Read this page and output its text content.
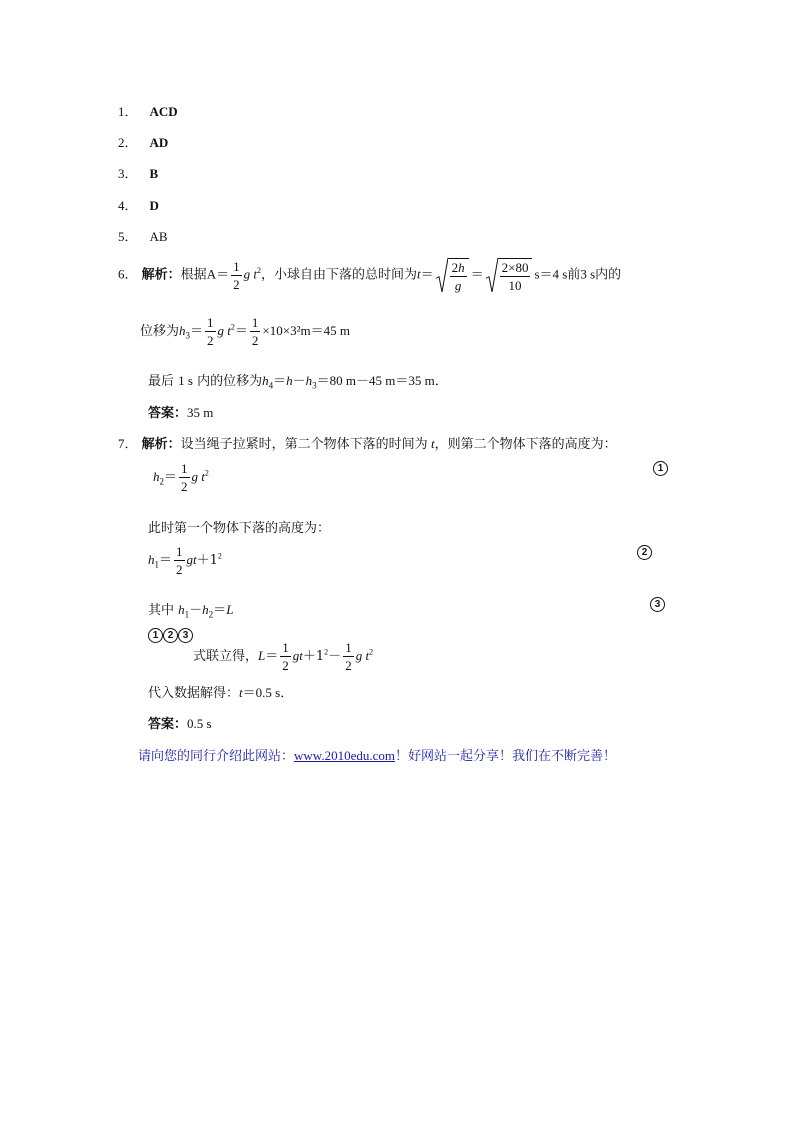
1． ACD
2． AD
3． B
4． D
5． AB
6． 解析：根据$A= \frac{1}{2}$ g $t^2$，小球自由下落的总时间为$t= \frac{2h}{g} = \frac{2\times 80}{10} s=4$ s前3 s内的
位移为$h_3= \frac{1}{2}$ g $t^2= \frac{1}{2} \times 10\times 3^2m=45$ m
最后 1 s 内的位移为$h_4=h-h_3=80$ m－45 m＝35 m．
答案：35 m
7． 解析：设当绳子拉紧时，第二个物体下落的时间为 t，则第二个物体下落的高度为：
$h_2= \frac{1}{2}$ g $t^2$	1
此时第一个物体下落的高度为：
$h_1= \frac{1}{2} gt+1^2$	2
其中 $h_1-h_2=L$	3
1 2 3式联立得，$L= \frac{1}{2} gt+1^2- \frac{1}{2}$ g $t^2$
代入数据解得：t＝0.5 s．
答案：0.5 s
请向您的同行介绍此网站：www.2010edu.com！好网站一起分享！我们在不断完善！
